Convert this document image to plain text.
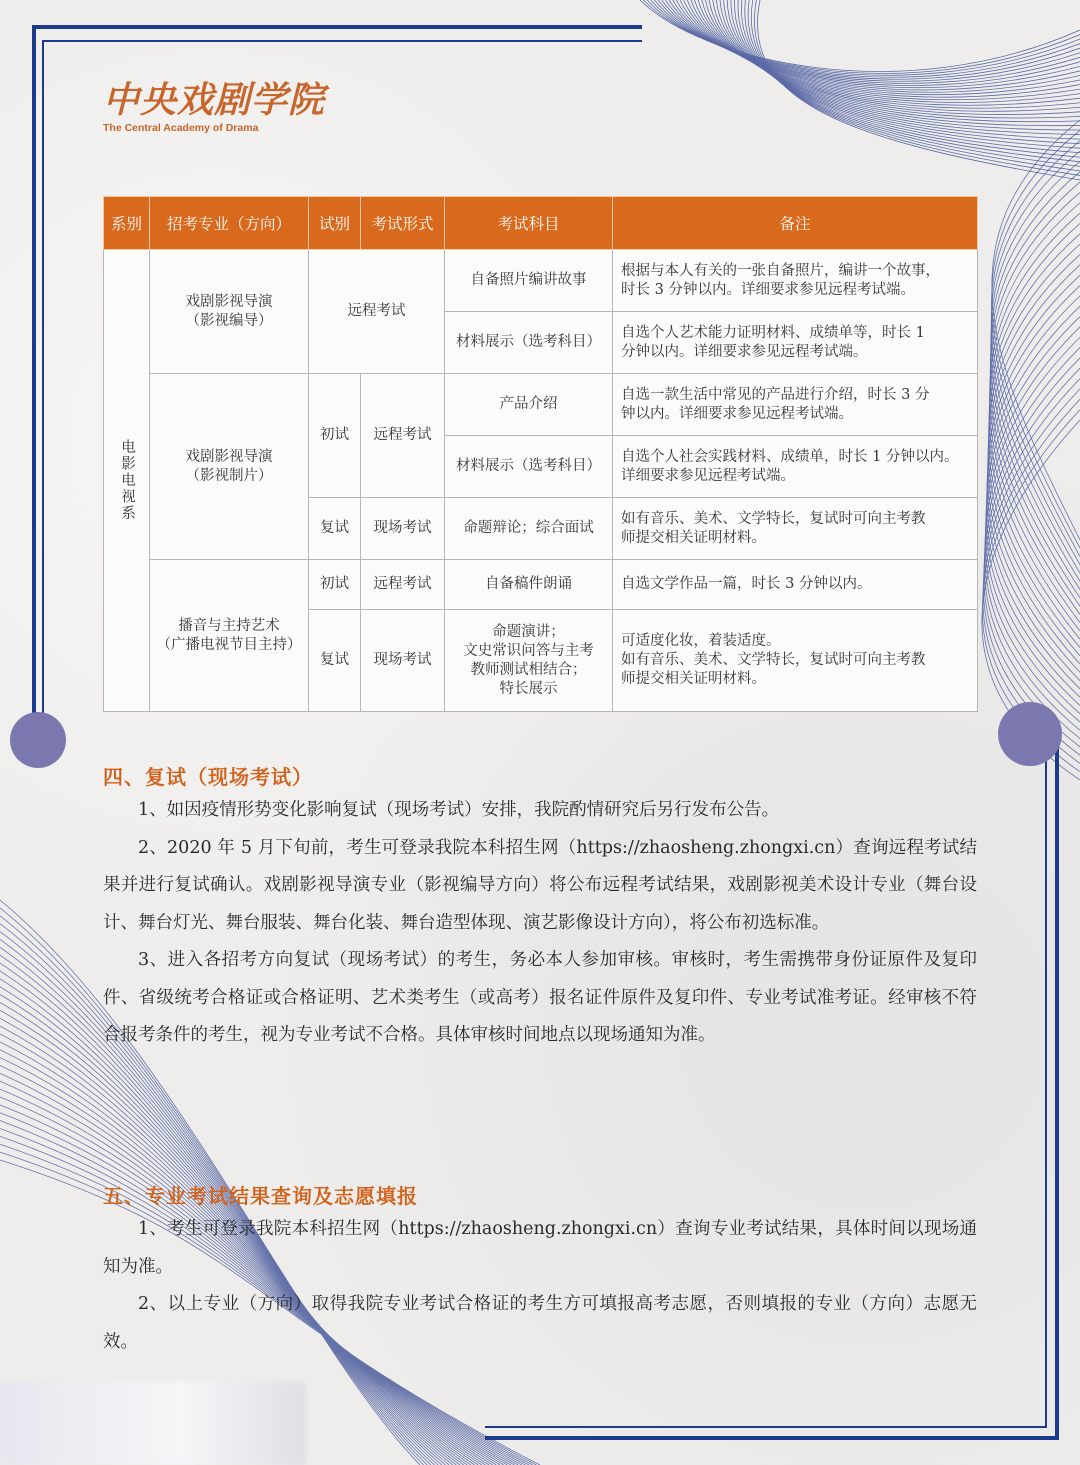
中央戏剧学院
The Central Academy of Drama
系别	招考专业（方向）	试别	考试形式	考试科目	备注
电影电视系	戏剧影视导演
（影视编导）	远程考试		自备照片编讲故事	根据与本人有关的一张自备照片，编讲一个故事，
时长 3 分钟以内。详细要求参见远程考试端。

				材料展示（选考科目）	自选个人艺术能力证明材料、成绩单等，时长 1
分钟以内。详细要求参见远程考试端。

	戏剧影视导演
（影视制片）	初试	远程考试	产品介绍	自选一款生活中常见的产品进行介绍，时长 3 分
钟以内。详细要求参见远程考试端。

				材料展示（选考科目）	自选个人社会实践材料、成绩单，时长 1 分钟以内。
详细要求参见远程考试端。

		复试	现场考试	命题辩论；综合面试	如有音乐、美术、文学特长，复试时可向主考教
师提交相关证明材料。

	播音与主持艺术
（广播电视节目主持）	初试	远程考试	自备稿件朗诵	自选文学作品一篇，时长 3 分钟以内。

		复试	现场考试	命题演讲；
文史常识问答与主考
教师测试相结合；
特长展示	可适度化妆，着装适度。
如有音乐、美术、文学特长，复试时可向主考教
师提交相关证明材料。
四、复试（现场考试）

1、如因疫情形势变化影响复试（现场考试）安排，我院酌情研究后另行发布公告。

2、2020 年 5 月下旬前，考生可登录我院本科招生网（https://zhaosheng.zhongxi.cn）查询远程考试结果并进行复试确认。戏剧影视导演专业（影视编导方向）将公布远程考试结果，戏剧影视美术设计专业（舞台设计、舞台灯光、舞台服装、舞台化装、舞台造型体现、演艺影像设计方向），将公布初选标准。

3、进入各招考方向复试（现场考试）的考生，务必本人参加审核。审核时，考生需携带身份证原件及复印件、省级统考合格证或合格证明、艺术类考生（或高考）报名证件原件及复印件、专业考试准考证。经审核不符合报考条件的考生，视为专业考试不合格。具体审核时间地点以现场通知为准。

五、专业考试结果查询及志愿填报

1、考生可登录我院本科招生网（https://zhaosheng.zhongxi.cn）查询专业考试结果，具体时间以现场通知为准。

2、以上专业（方向）取得我院专业考试合格证的考生方可填报高考志愿，否则填报的专业（方向）志愿无效。
